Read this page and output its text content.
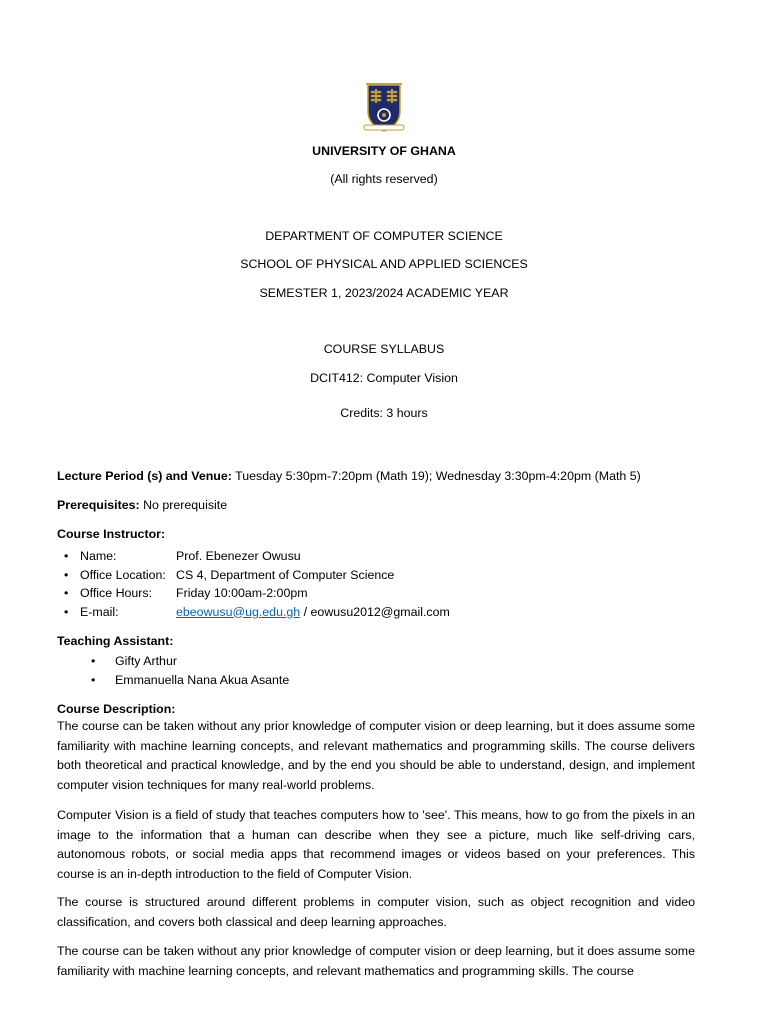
UNIVERSITY OF GHANA
(All rights reserved)
DEPARTMENT OF COMPUTER SCIENCE
SCHOOL OF PHYSICAL AND APPLIED SCIENCES
SEMESTER 1, 2023/2024 ACADEMIC YEAR
COURSE SYLLABUS
DCIT412: Computer Vision
Credits: 3 hours
Lecture Period (s) and Venue: Tuesday 5:30pm-7:20pm (Math 19); Wednesday 3:30pm-4:20pm (Math 5)
Prerequisites: No prerequisite
Course Instructor:
• Name:	Prof. Ebenezer Owusu
• Office Location: CS 4, Department of Computer Science
• Office Hours: Friday 10:00am-2:00pm
• E-mail:	ebeowusu@ug.edu.gh / eowusu2012@gmail.com
Teaching Assistant:
• Gifty Arthur
• Emmanuella Nana Akua Asante
Course Description:

The course can be taken without any prior knowledge of computer vision or deep learning, but it does assume some familiarity with machine learning concepts, and relevant mathematics and programming skills. The course delivers both theoretical and practical knowledge, and by the end you should be able to understand, design, and implement computer vision techniques for many real-world problems.

Computer Vision is a field of study that teaches computers how to 'see'. This means, how to go from the pixels in an image to the information that a human can describe when they see a picture, much like self-driving cars, autonomous robots, or social media apps that recommend images or videos based on your preferences. This course is an in-depth introduction to the field of Computer Vision.

The course is structured around different problems in computer vision, such as object recognition and video classification, and covers both classical and deep learning approaches.

The course can be taken without any prior knowledge of computer vision or deep learning, but it does assume some familiarity with machine learning concepts, and relevant mathematics and programming skills. The course
